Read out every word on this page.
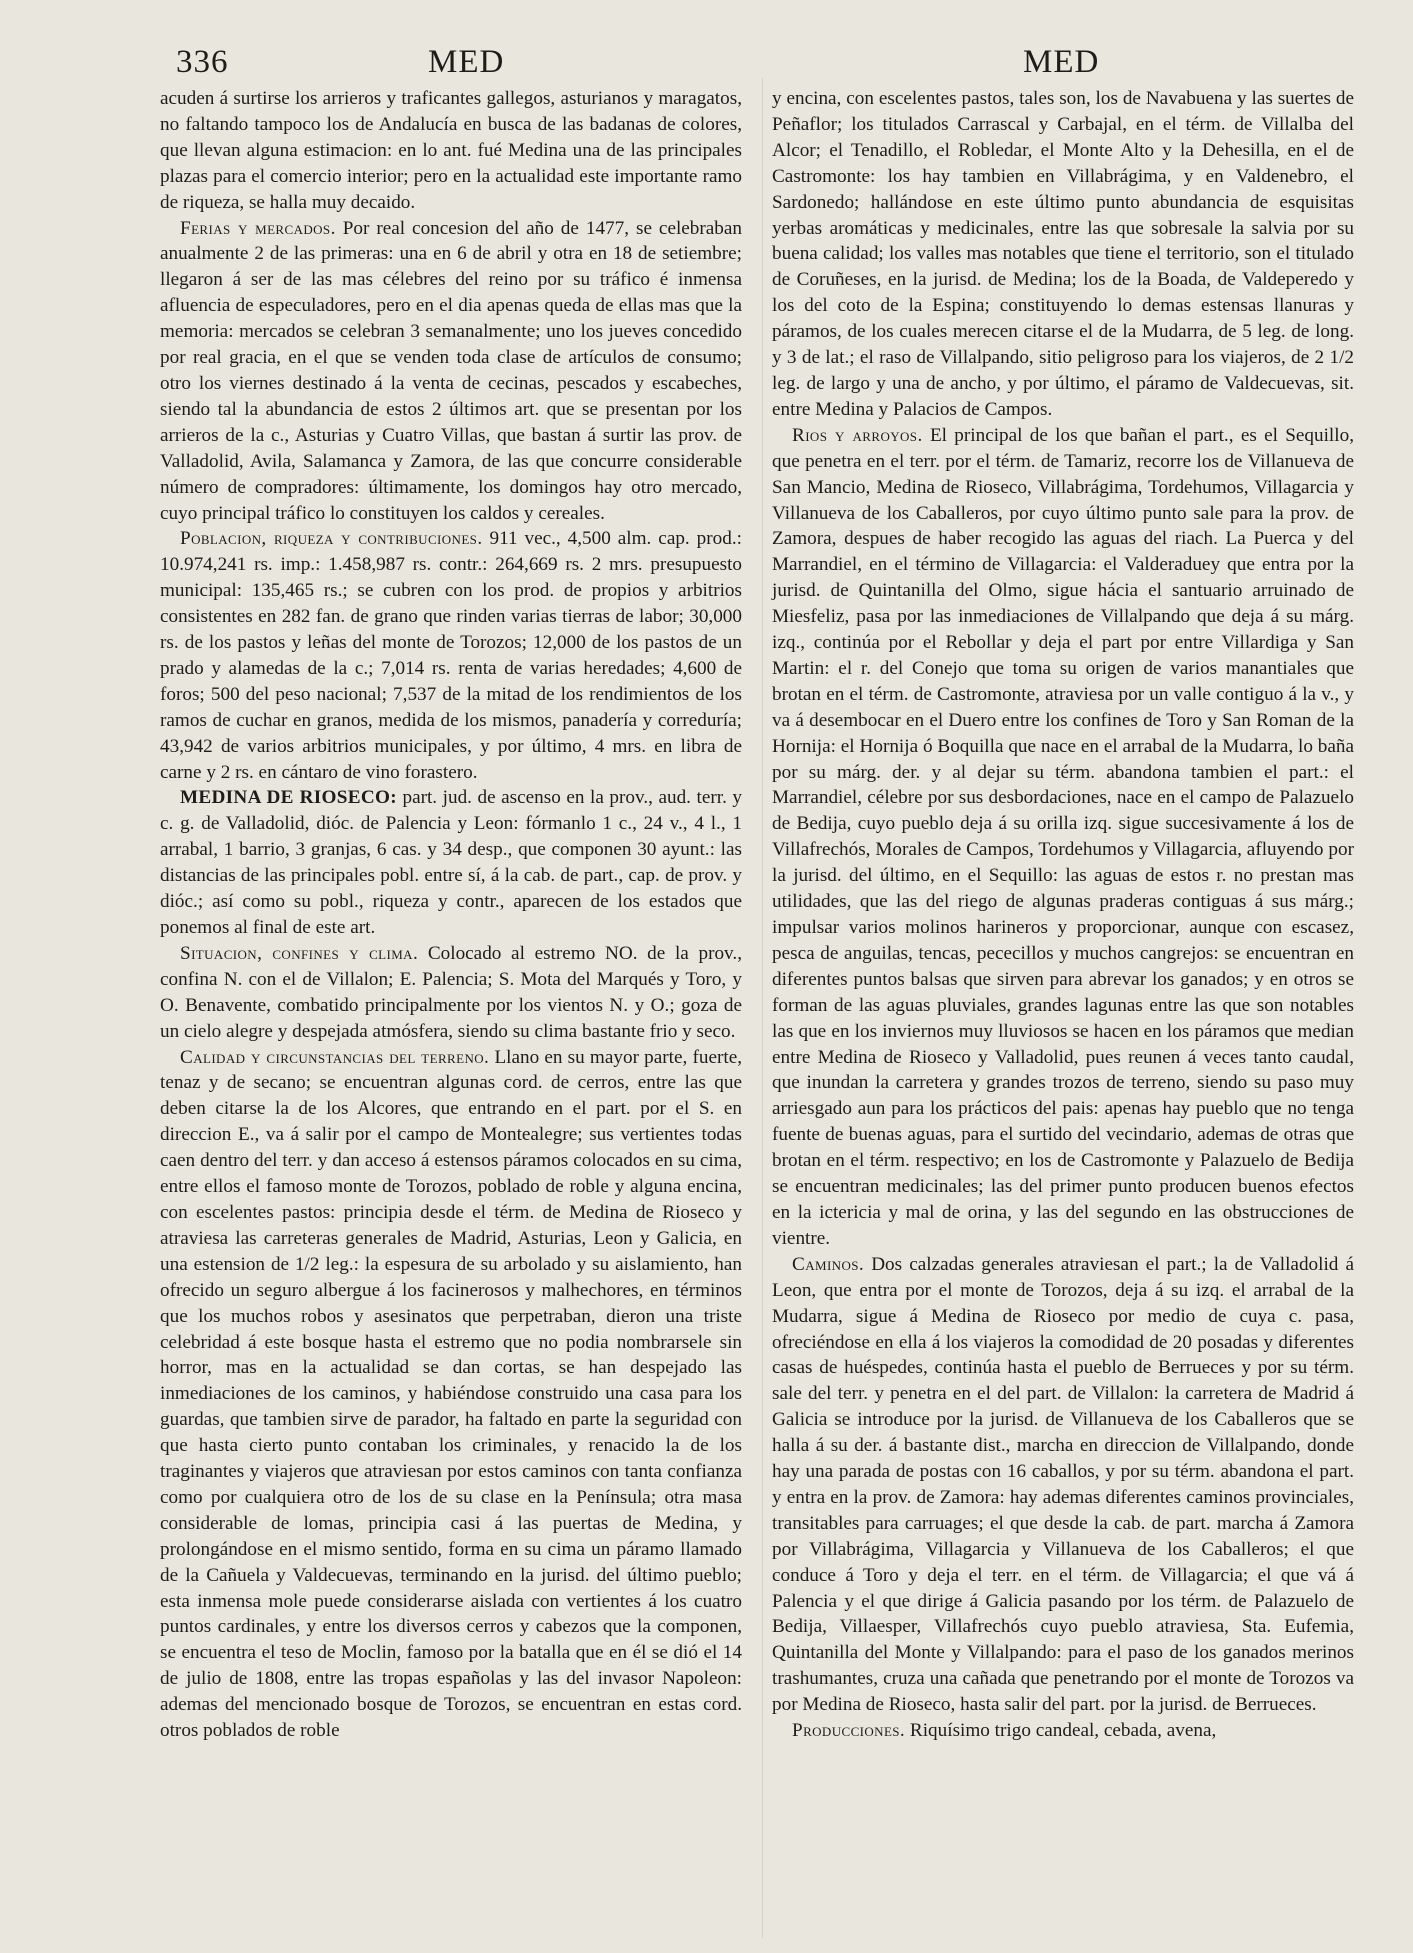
336	MED	MED

acuden á surtirse los arrieros y traficantes gallegos, asturianos y maragatos, no faltando tampoco los de Andalucía en busca de las badanas de colores, que llevan alguna estimacion: en lo ant. fué Medina una de las principales plazas para el comercio interior; pero en la actualidad este importante ramo de riqueza, se halla muy decaido.

Ferias y mercados. Por real concesion del año de 1477, se celebraban anualmente 2 de las primeras: una en 6 de abril y otra en 18 de setiembre; llegaron á ser de las mas célebres del reino por su tráfico é inmensa afluencia de especuladores, pero en el dia apenas queda de ellas mas que la memoria: mercados se celebran 3 semanalmente; uno los jueves concedido por real gracia, en el que se venden toda clase de artículos de consumo; otro los viernes destinado á la venta de cecinas, pescados y escabeches, siendo tal la abundancia de estos 2 últimos art. que se presentan por los arrieros de la c., Asturias y Cuatro Villas, que bastan á surtir las prov. de Valladolid, Avila, Salamanca y Zamora, de las que concurre considerable número de compradores: últimamente, los domingos hay otro mercado, cuyo principal tráfico lo constituyen los caldos y cereales.

Poblacion, riqueza y contribuciones. 911 vec., 4,500 alm. cap. prod.: 10.974,241 rs. imp.: 1.458,987 rs. contr.: 264,669 rs. 2 mrs. presupuesto municipal: 135,465 rs.; se cubren con los prod. de propios y arbitrios consistentes en 282 fan. de grano que rinden varias tierras de labor; 30,000 rs. de los pastos y leñas del monte de Torozos; 12,000 de los pastos de un prado y alamedas de la c.; 7,014 rs. renta de varias heredades; 4,600 de foros; 500 del peso nacional; 7,537 de la mitad de los rendimientos de los ramos de cuchar en granos, medida de los mismos, panadería y correduría; 43,942 de varios arbitrios municipales, y por último, 4 mrs. en libra de carne y 2 rs. en cántaro de vino forastero.

MEDINA DE RIOSECO: part. jud. de ascenso en la prov., aud. terr. y c. g. de Valladolid, dióc. de Palencia y Leon: fórmanlo 1 c., 24 v., 4 l., 1 arrabal, 1 barrio, 3 granjas, 6 cas. y 34 desp., que componen 30 ayunt.: las distancias de las principales pobl. entre sí, á la cab. de part., cap. de prov. y dióc.; así como su pobl., riqueza y contr., aparecen de los estados que ponemos al final de este art.

Situacion, confines y clima. Colocado al estremo NO. de la prov., confina N. con el de Villalon; E. Palencia; S. Mota del Marqués y Toro, y O. Benavente, combatido principalmente por los vientos N. y O.; goza de un cielo alegre y despejada atmósfera, siendo su clima bastante frio y seco.

Calidad y circunstancias del terreno. Llano en su mayor parte, fuerte, tenaz y de secano; se encuentran algunas cord. de cerros, entre las que deben citarse la de los Alcores, que entrando en el part. por el S. en direccion E., va á salir por el campo de Montealegre; sus vertientes todas caen dentro del terr. y dan acceso á estensos páramos colocados en su cima, entre ellos el famoso monte de Torozos, poblado de roble y alguna encina, con escelentes pastos: principia desde el térm. de Medina de Rioseco y atraviesa las carreteras generales de Madrid, Asturias, Leon y Galicia, en una estension de 1/2 leg.: la espesura de su arbolado y su aislamiento, han ofrecido un seguro albergue á los facinerosos y malhechores, en términos que los muchos robos y asesinatos que perpetraban, dieron una triste celebridad á este bosque hasta el estremo que no podia nombrarsele sin horror, mas en la actualidad se dan cortas, se han despejado las inmediaciones de los caminos, y habiéndose construido una casa para los guardas, que tambien sirve de parador, ha faltado en parte la seguridad con que hasta cierto punto contaban los criminales, y renacido la de los traginantes y viajeros que atraviesan por estos caminos con tanta confianza como por cualquiera otro de los de su clase en la Península; otra masa considerable de lomas, principia casi á las puertas de Medina, y prolongándose en el mismo sentido, forma en su cima un páramo llamado de la Cañuela y Valdecuevas, terminando en la jurisd. del último pueblo; esta inmensa mole puede considerarse aislada con vertientes á los cuatro puntos cardinales, y entre los diversos cerros y cabezos que la componen, se encuentra el teso de Moclin, famoso por la batalla que en él se dió el 14 de julio de 1808, entre las tropas españolas y las del invasor Napoleon: ademas del mencionado bosque de Torozos, se encuentran en estas cord. otros poblados de roble

y encina, con escelentes pastos, tales son, los de Navabuena y las suertes de Peñaflor; los titulados Carrascal y Carbajal, en el térm. de Villalba del Alcor; el Tenadillo, el Robledar, el Monte Alto y la Dehesilla, en el de Castromonte: los hay tambien en Villabrágima, y en Valdenebro, el Sardonedo; hallándose en este último punto abundancia de esquisitas yerbas aromáticas y medicinales, entre las que sobresale la salvia por su buena calidad; los valles mas notables que tiene el territorio, son el titulado de Coruñeses, en la jurisd. de Medina; los de la Boada, de Valdeperedo y los del coto de la Espina; constituyendo lo demas estensas llanuras y páramos, de los cuales merecen citarse el de la Mudarra, de 5 leg. de long. y 3 de lat.; el raso de Villalpando, sitio peligroso para los viajeros, de 2 1/2 leg. de largo y una de ancho, y por último, el páramo de Valdecuevas, sit. entre Medina y Palacios de Campos.

Rios y arroyos. El principal de los que bañan el part., es el Sequillo, que penetra en el terr. por el térm. de Tamariz, recorre los de Villanueva de San Mancio, Medina de Rioseco, Villabrágima, Tordehumos, Villagarcia y Villanueva de los Caballeros, por cuyo último punto sale para la prov. de Zamora, despues de haber recogido las aguas del riach. La Puerca y del Marrandiel, en el término de Villagarcia: el Valderaduey que entra por la jurisd. de Quintanilla del Olmo, sigue hácia el santuario arruinado de Miesfeliz, pasa por las inmediaciones de Villalpando que deja á su márg. izq., continúa por el Rebollar y deja el part por entre Villardiga y San Martin: el r. del Conejo que toma su origen de varios manantiales que brotan en el térm. de Castromonte, atraviesa por un valle contiguo á la v., y va á desembocar en el Duero entre los confines de Toro y San Roman de la Hornija: el Hornija ó Boquilla que nace en el arrabal de la Mudarra, lo baña por su márg. der. y al dejar su térm. abandona tambien el part.: el Marrandiel, célebre por sus desbordaciones, nace en el campo de Palazuelo de Bedija, cuyo pueblo deja á su orilla izq. sigue succesivamente á los de Villafrechós, Morales de Campos, Tordehumos y Villagarcia, afluyendo por la jurisd. del último, en el Sequillo: las aguas de estos r. no prestan mas utilidades, que las del riego de algunas praderas contiguas á sus márg.; impulsar varios molinos harineros y proporcionar, aunque con escasez, pesca de anguilas, tencas, pececillos y muchos cangrejos: se encuentran en diferentes puntos balsas que sirven para abrevar los ganados; y en otros se forman de las aguas pluviales, grandes lagunas entre las que son notables las que en los inviernos muy lluviosos se hacen en los páramos que median entre Medina de Rioseco y Valladolid, pues reunen á veces tanto caudal, que inundan la carretera y grandes trozos de terreno, siendo su paso muy arriesgado aun para los prácticos del pais: apenas hay pueblo que no tenga fuente de buenas aguas, para el surtido del vecindario, ademas de otras que brotan en el térm. respectivo; en los de Castromonte y Palazuelo de Bedija se encuentran medicinales; las del primer punto producen buenos efectos en la ictericia y mal de orina, y las del segundo en las obstrucciones de vientre.

Caminos. Dos calzadas generales atraviesan el part.; la de Valladolid á Leon, que entra por el monte de Torozos, deja á su izq. el arrabal de la Mudarra, sigue á Medina de Rioseco por medio de cuya c. pasa, ofreciéndose en ella á los viajeros la comodidad de 20 posadas y diferentes casas de huéspedes, continúa hasta el pueblo de Berrueces y por su térm. sale del terr. y penetra en el del part. de Villalon: la carretera de Madrid á Galicia se introduce por la jurisd. de Villanueva de los Caballeros que se halla á su der. á bastante dist., marcha en direccion de Villalpando, donde hay una parada de postas con 16 caballos, y por su térm. abandona el part. y entra en la prov. de Zamora: hay ademas diferentes caminos provinciales, transitables para carruages; el que desde la cab. de part. marcha á Zamora por Villabrágima, Villagarcia y Villanueva de los Caballeros; el que conduce á Toro y deja el terr. en el térm. de Villagarcia; el que vá á Palencia y el que dirige á Galicia pasando por los térm. de Palazuelo de Bedija, Villaesper, Villafrechós cuyo pueblo atraviesa, Sta. Eufemia, Quintanilla del Monte y Villalpando: para el paso de los ganados merinos trashumantes, cruza una cañada que penetrando por el monte de Torozos va por Medina de Rioseco, hasta salir del part. por la jurisd. de Berrueces.

Producciones. Riquísimo trigo candeal, cebada, avena,
